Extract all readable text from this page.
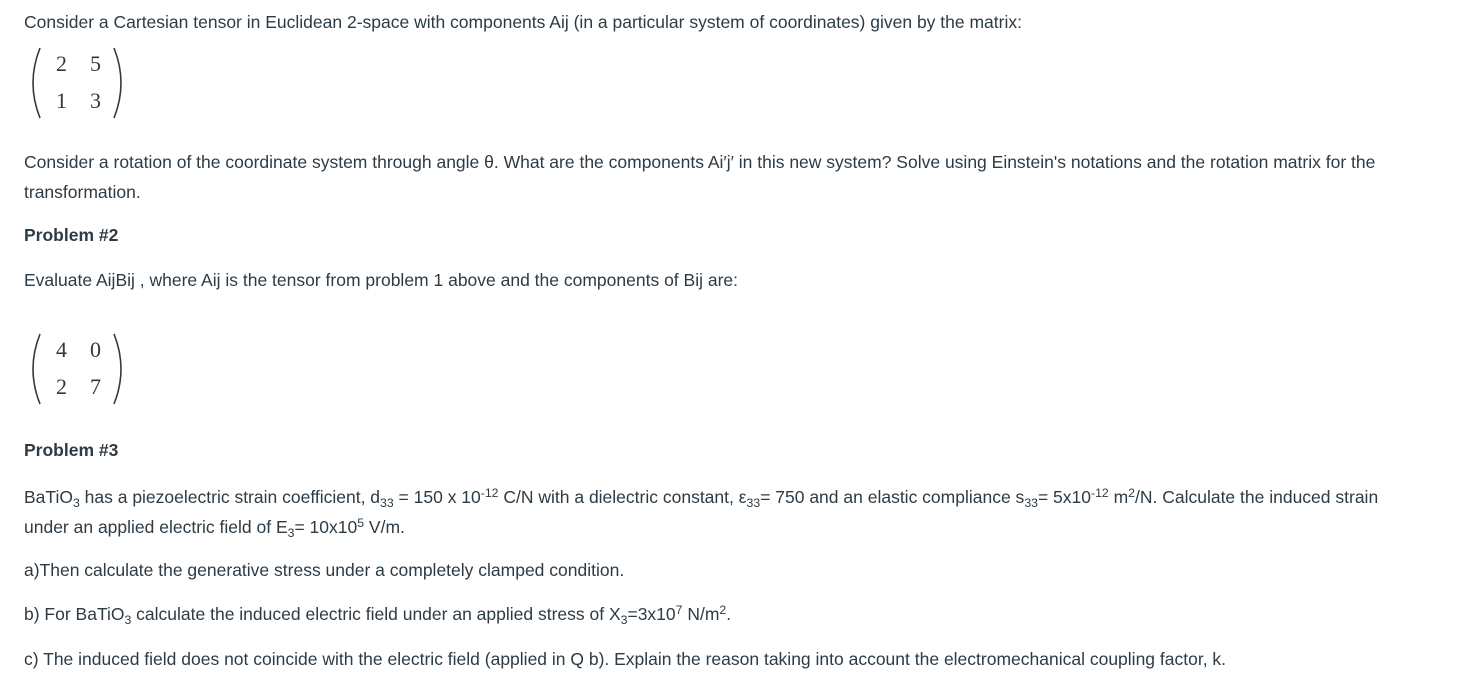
Consider a Cartesian tensor in Euclidean 2-space with components Aij (in a particular system of coordinates) given by the matrix:

2 5
1 3

Consider a rotation of the coordinate system through angle θ. What are the components Ai′j′ in this new system? Solve using Einstein's notations and the rotation matrix for the transformation.

Problem #2

Evaluate AijBij , where Aij is the tensor from problem 1 above and the components of Bij are:

4 0
2 7

Problem #3

BaTiO$_3$ has a piezoelectric strain coefficient, $d_{33} = 150$ x $10^{-12}$ C/N with a dielectric constant, $\varepsilon_{33}= 750$ and an elastic compliance $s_{33}= 5x10^{-12}$ $m^2/N$. Calculate the induced strain under an applied electric field of $E_3= 10x10^5$ V/m.

a)Then calculate the generative stress under a completely clamped condition.

b) For BaTiO$_3$ calculate the induced electric field under an applied stress of $X_3=3x10^7$ $N/m^2$.

c) The induced field does not coincide with the electric field (applied in Q b). Explain the reason taking into account the electromechanical coupling factor, k.
